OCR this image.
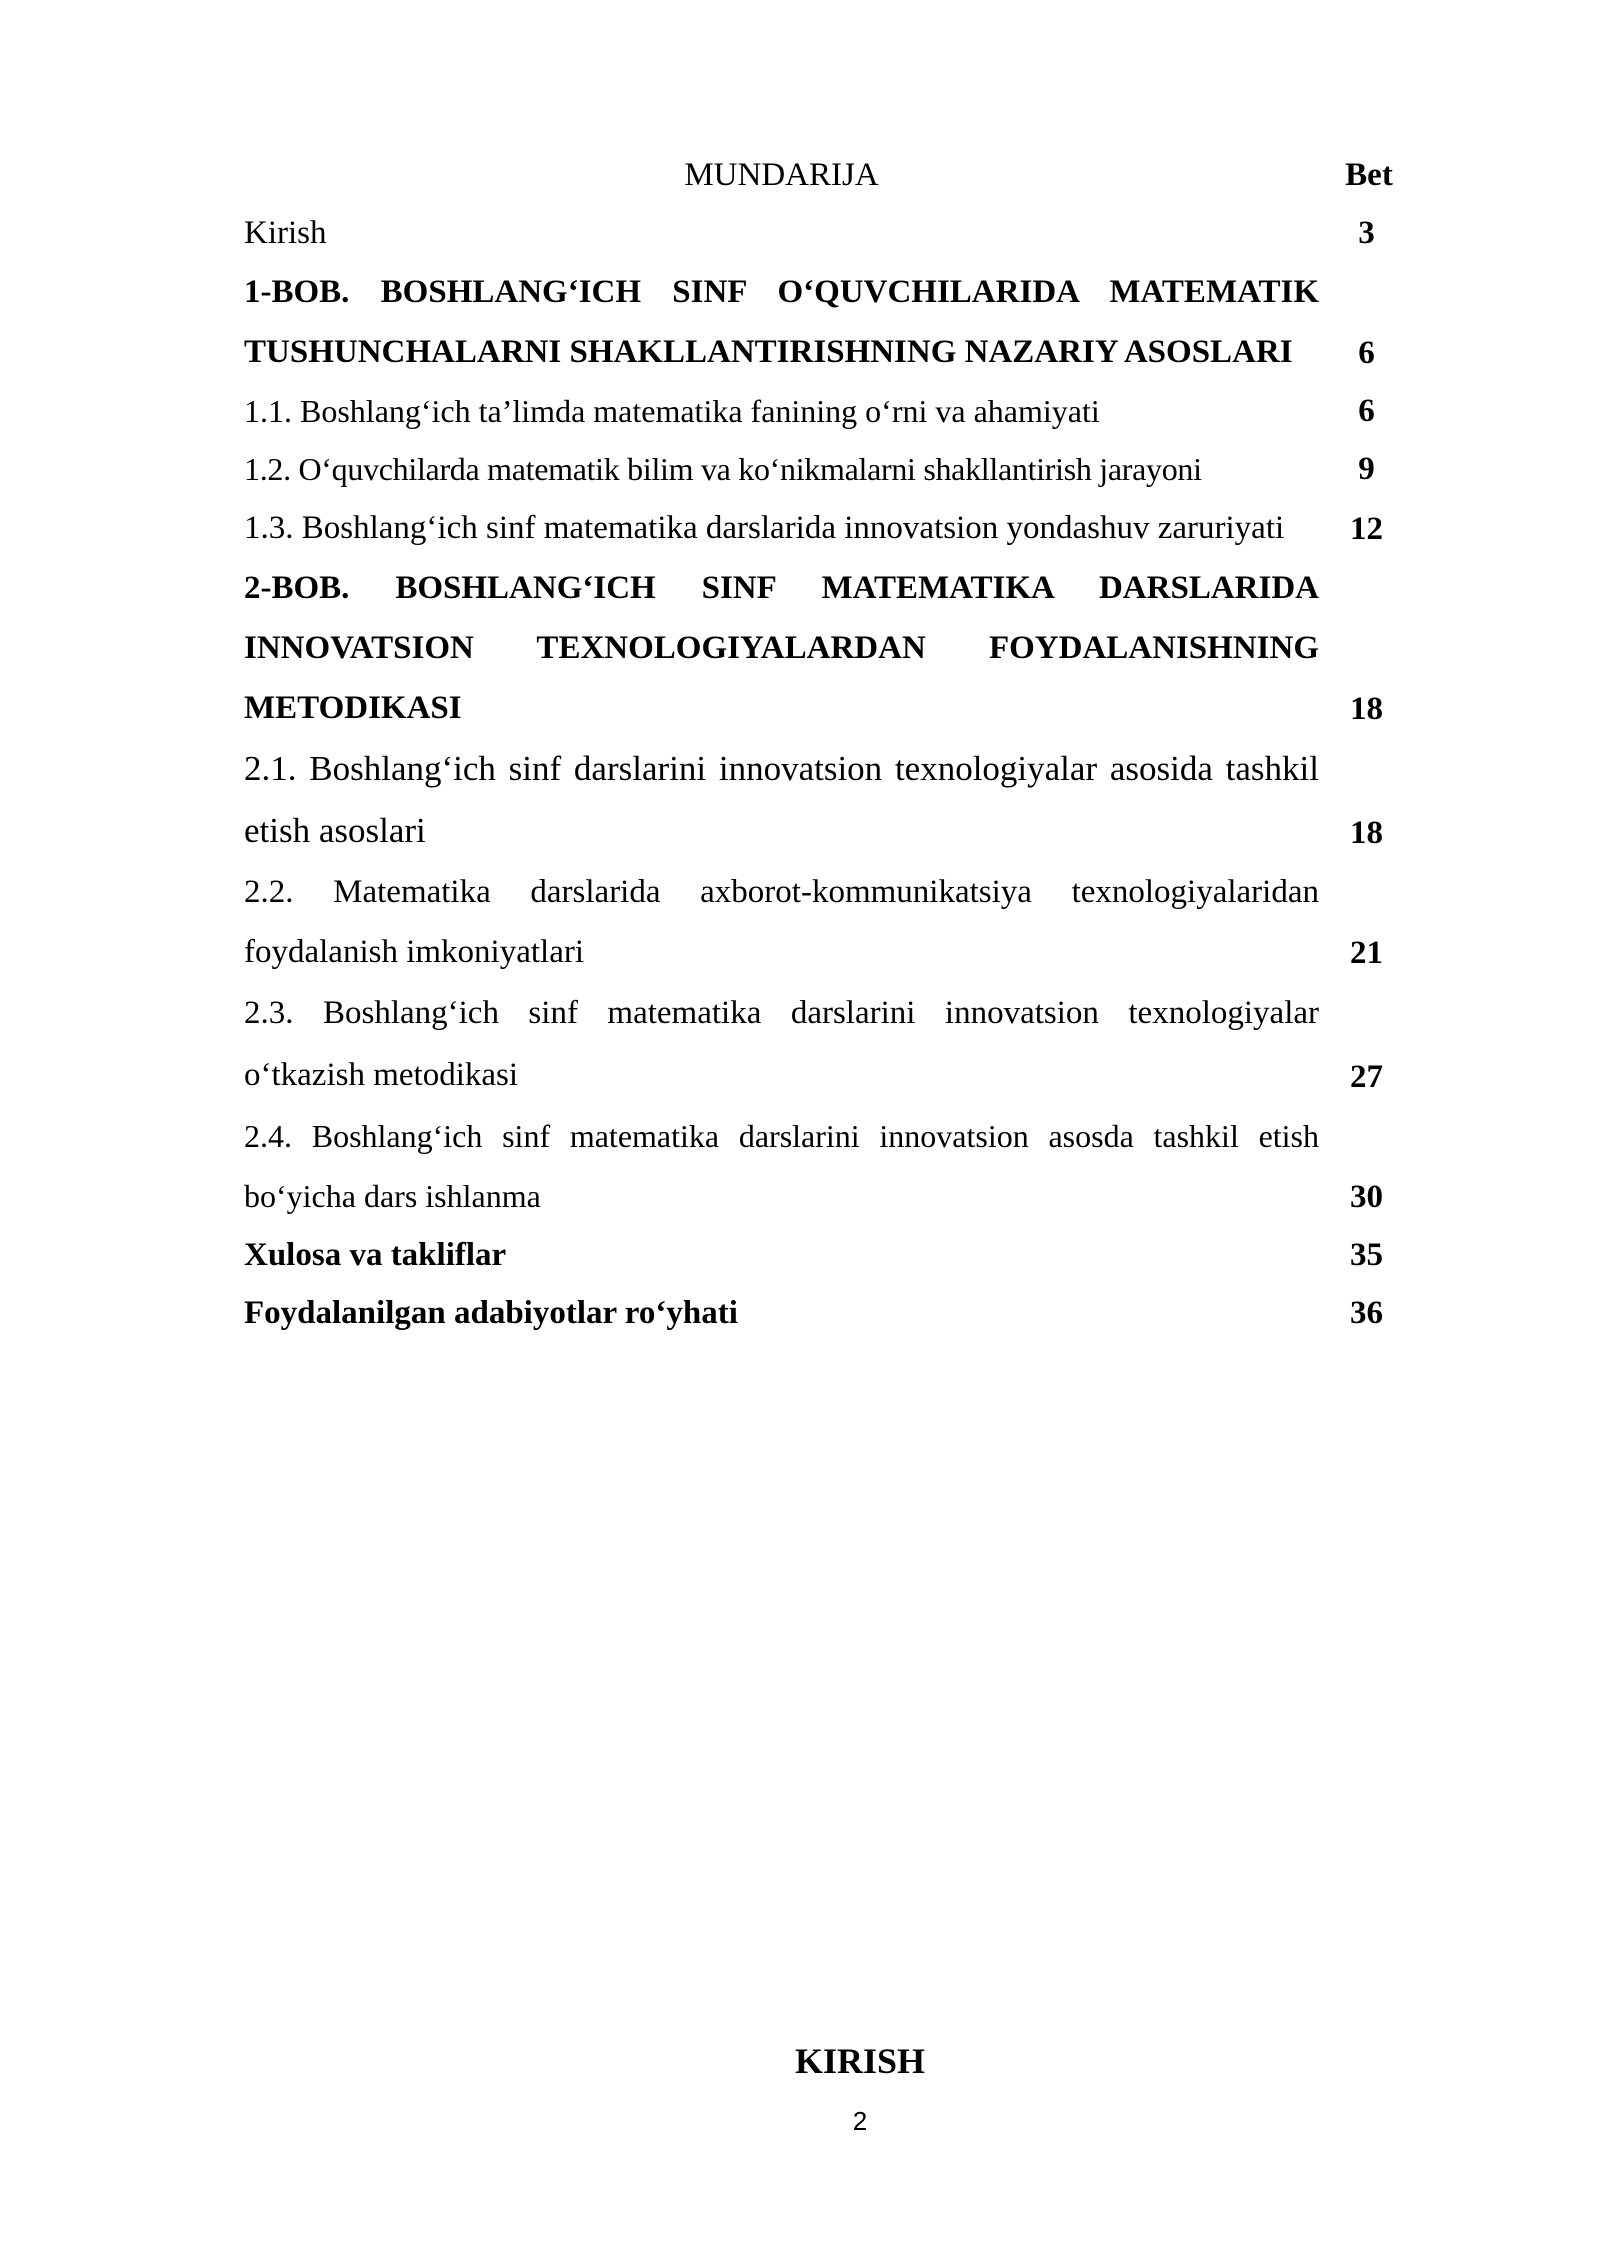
MUNDARIJA	Bet
Kirish	3
1-BOB. BOSHLANG‘ICH SINF O‘QUVCHILARIDA MATEMATIK TUSHUNCHALARNI SHAKLLANTIRISHNING NAZARIY ASOSLARI	6
1.1. Boshlang‘ich ta’limda matematika fanining o‘rni va ahamiyati	6
1.2. O‘quvchilarda matematik bilim va ko‘nikmalarni shakllantirish jarayoni	9
1.3. Boshlang‘ich sinf matematika darslarida innovatsion yondashuv zaruriyati	12
2-BOB. BOSHLANG‘ICH SINF MATEMATIKA DARSLARIDA INNOVATSION TEXNOLOGIYALARDAN FOYDALANISHNING METODIKASI	18
2.1. Boshlang‘ich sinf darslarini innovatsion texnologiyalar asosida tashkil etish asoslari	18
2.2. Matematika darslarida axborot-kommunikatsiya texnologiyalaridan foydalanish imkoniyatlari	21
2.3. Boshlang‘ich sinf matematika darslarini innovatsion texnologiyalar o‘tkazish metodikasi	27
2.4. Boshlang‘ich sinf matematika darslarini innovatsion asosda tashkil etish bo‘yicha dars ishlanma	30
Xulosa va takliflar	35
Foydalanilgan adabiyotlar ro‘yhati	36
KIRISH
2
